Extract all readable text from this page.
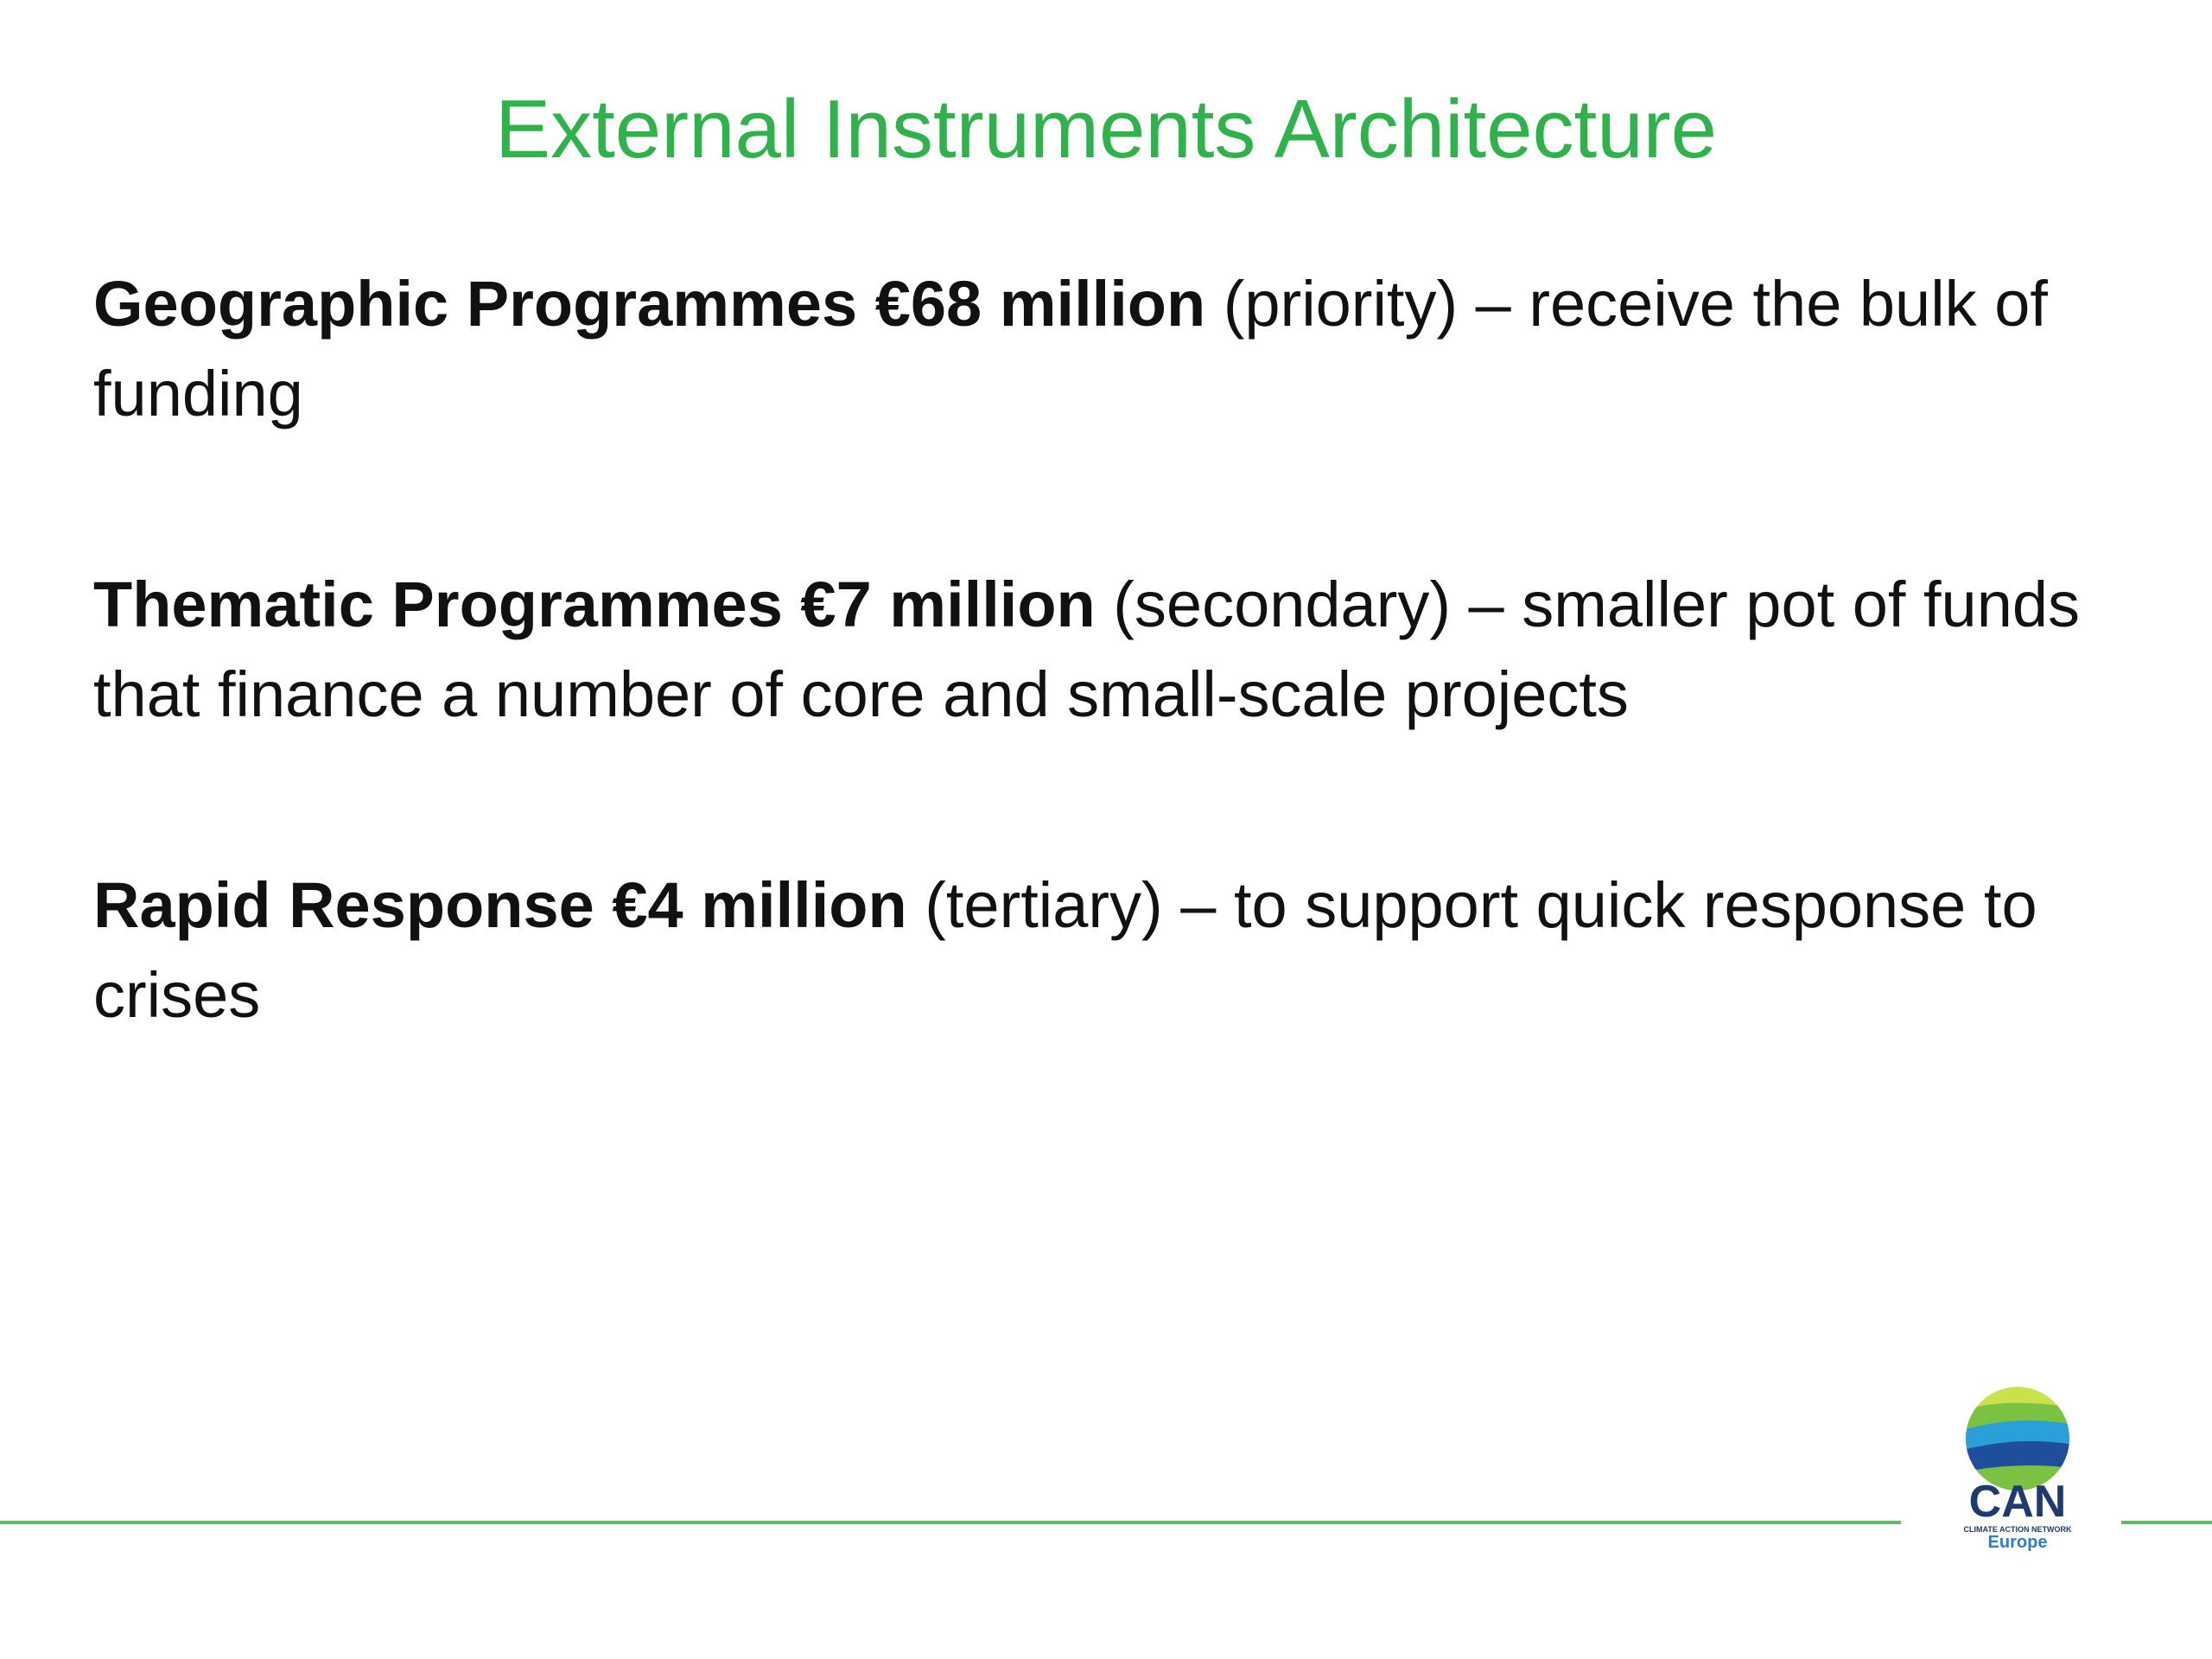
External Instruments Architecture

Geographic Programmes €68 million (priority) – receive the bulk of funding

Thematic Programmes €7 million (secondary) – smaller pot of funds that finance a number of core and small-scale projects

Rapid Response €4 million (tertiary) – to support quick response to crises

CAN
CLIMATE ACTION NETWORK
Europe
